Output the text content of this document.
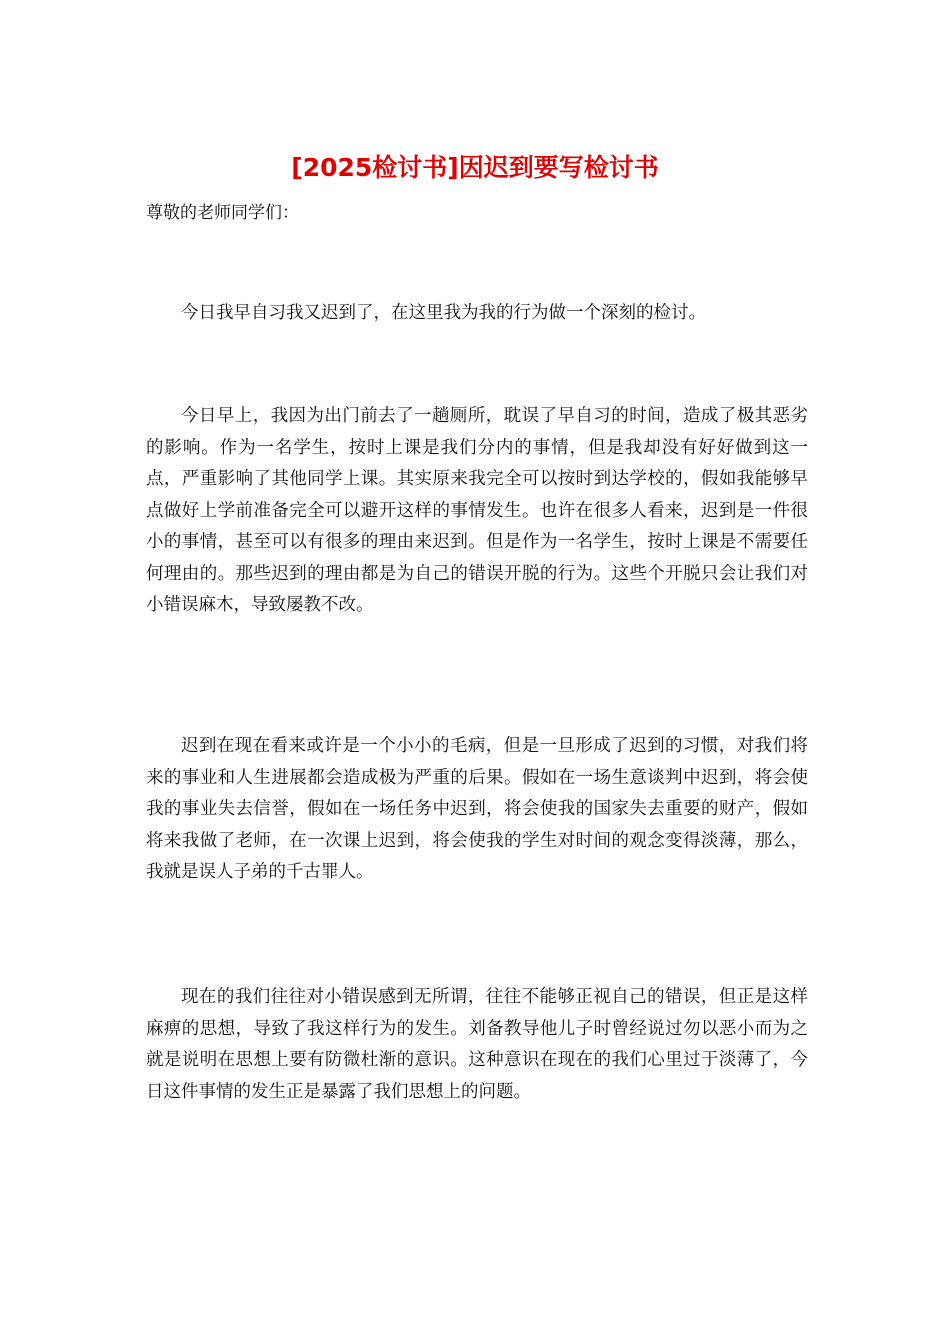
[2025检讨书]因迟到要写检讨书

尊敬的老师同学们：

今日我早自习我又迟到了，在这里我为我的行为做一个深刻的检讨。

今日早上，我因为出门前去了一趟厕所，耽误了早自习的时间，造成了极其恶劣的影响。作为一名学生，按时上课是我们分内的事情，但是我却没有好好做到这一点，严重影响了其他同学上课。其实原来我完全可以按时到达学校的，假如我能够早点做好上学前准备完全可以避开这样的事情发生。也许在很多人看来，迟到是一件很小的事情，甚至可以有很多的理由来迟到。但是作为一名学生，按时上课是不需要任何理由的。那些迟到的理由都是为自己的错误开脱的行为。这些个开脱只会让我们对小错误麻木，导致屡教不改。

迟到在现在看来或许是一个小小的毛病，但是一旦形成了迟到的习惯，对我们将来的事业和人生进展都会造成极为严重的后果。假如在一场生意谈判中迟到，将会使我的事业失去信誉，假如在一场任务中迟到，将会使我的国家失去重要的财产，假如将来我做了老师，在一次课上迟到，将会使我的学生对时间的观念变得淡薄，那么，我就是误人子弟的千古罪人。

现在的我们往往对小错误感到无所谓，往往不能够正视自己的错误，但正是这样麻痹的思想，导致了我这样行为的发生。刘备教导他儿子时曾经说过勿以恶小而为之就是说明在思想上要有防微杜渐的意识。这种意识在现在的我们心里过于淡薄了，今日这件事情的发生正是暴露了我们思想上的问题。
